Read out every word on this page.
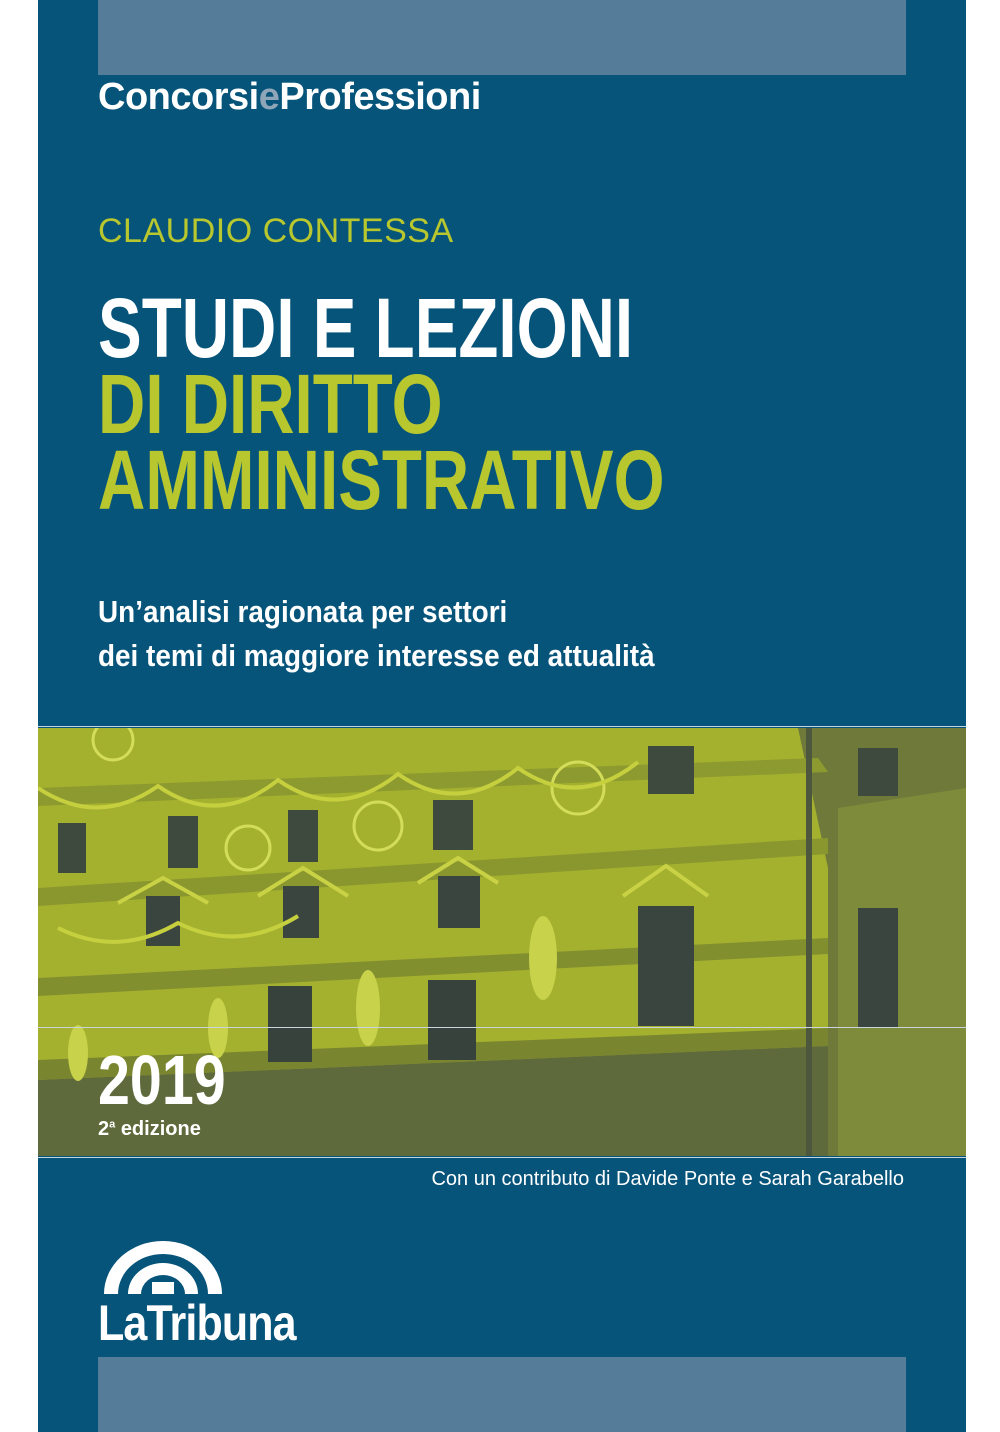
ConcorsieProfessioni
CLAUDIO CONTESSA
STUDI E LEZIONI
DI DIRITTO
AMMINISTRATIVO
Un’analisi ragionata per settori
dei temi di maggiore interesse ed attualità
2019
2$^a$ edizione
Con un contributo di Davide Ponte e Sarah Garabello
LaTribuna
